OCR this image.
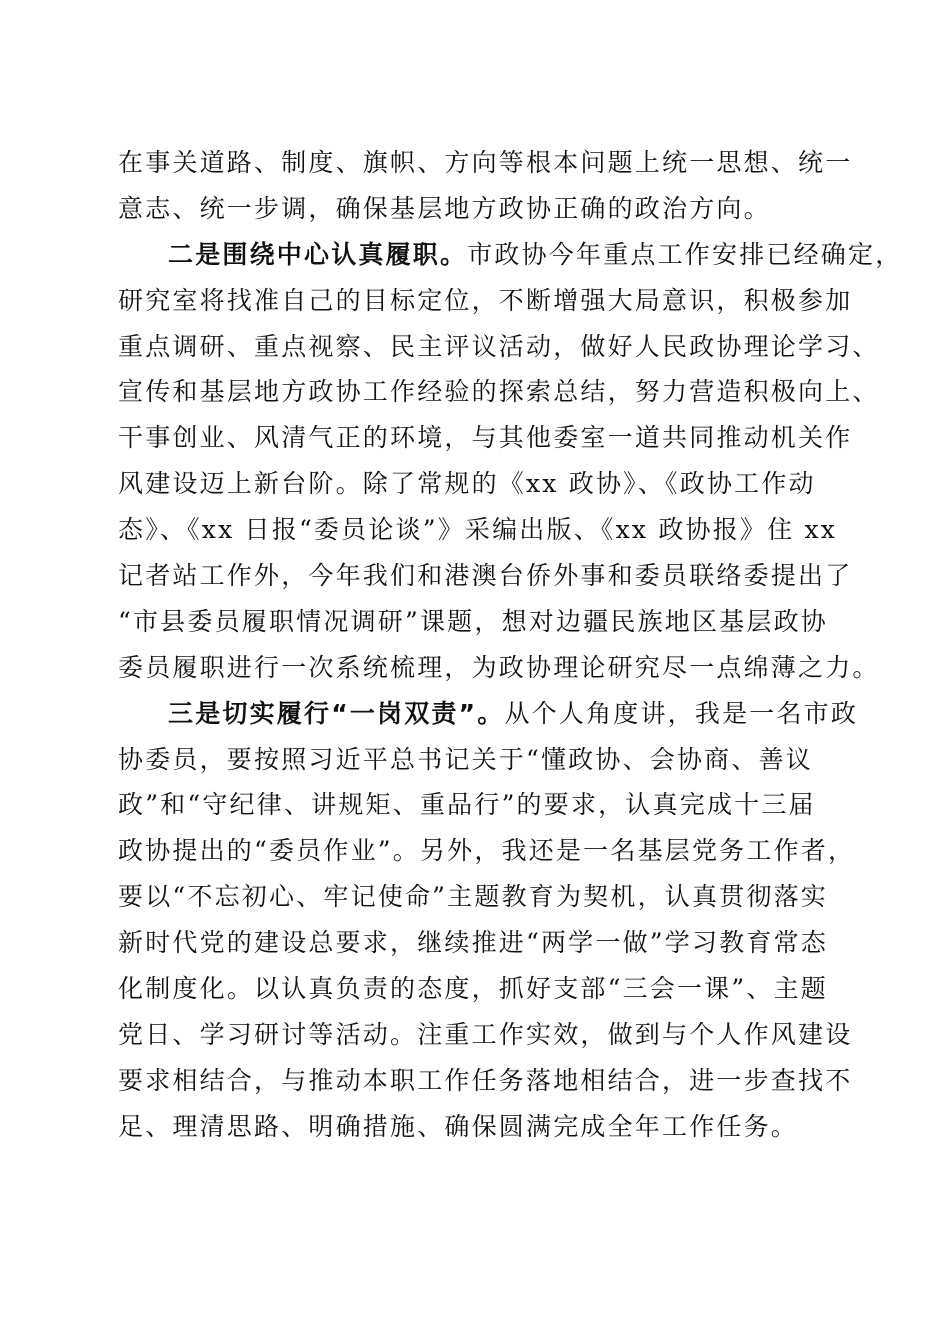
在事关道路、制度、旗帜、方向等根本问题上统一思想、统一
意志、统一步调，确保基层地方政协正确的政治方向。
二是围绕中心认真履职。市政协今年重点工作安排已经确定，
研究室将找准自己的目标定位，不断增强大局意识，积极参加
重点调研、重点视察、民主评议活动，做好人民政协理论学习、
宣传和基层地方政协工作经验的探索总结，努力营造积极向上、
干事创业、风清气正的环境，与其他委室一道共同推动机关作
风建设迈上新台阶。除了常规的《xx 政协》、《政协工作动
态》、《xx 日报“委员论谈”》采编出版、《xx 政协报》住 xx
记者站工作外，今年我们和港澳台侨外事和委员联络委提出了
“市县委员履职情况调研”课题，想对边疆民族地区基层政协
委员履职进行一次系统梳理，为政协理论研究尽一点绵薄之力。
三是切实履行“一岗双责”。从个人角度讲，我是一名市政
协委员，要按照习近平总书记关于“懂政协、会协商、善议
政”和“守纪律、讲规矩、重品行”的要求，认真完成十三届
政协提出的“委员作业”。另外，我还是一名基层党务工作者，
要以“不忘初心、牢记使命”主题教育为契机，认真贯彻落实
新时代党的建设总要求，继续推进“两学一做”学习教育常态
化制度化。以认真负责的态度，抓好支部“三会一课”、主题
党日、学习研讨等活动。注重工作实效，做到与个人作风建设
要求相结合，与推动本职工作任务落地相结合，进一步查找不
足、理清思路、明确措施、确保圆满完成全年工作任务。
